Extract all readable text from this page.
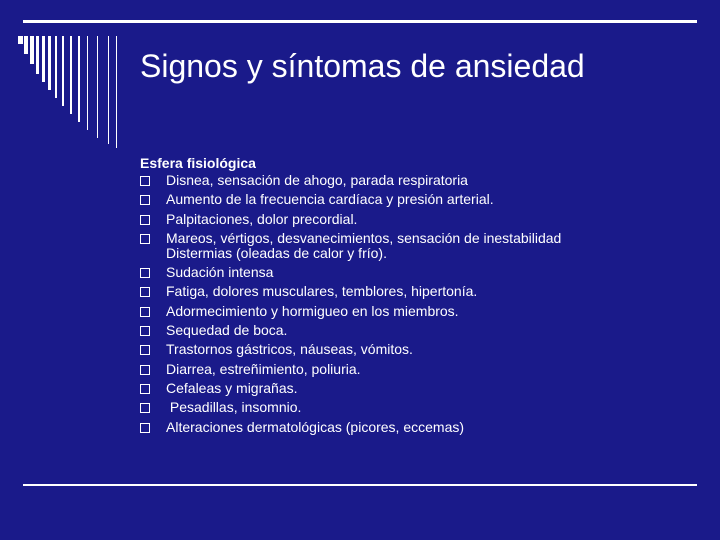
Signos y síntomas de ansiedad
Esfera fisiológica
Disnea, sensación de ahogo, parada respiratoria
Aumento de la frecuencia cardíaca y presión arterial.
Palpitaciones, dolor precordial.
Mareos, vértigos, desvanecimientos, sensación de inestabilidad
Distermias (oleadas de calor y frío).
Sudación intensa
Fatiga, dolores musculares, temblores, hipertonía.
Adormecimiento y hormigueo en los miembros.
Sequedad de boca.
Trastornos gástricos, náuseas, vómitos.
Diarrea, estreñimiento, poliuria.
Cefaleas y migrañas.
Pesadillas, insomnio.
Alteraciones dermatológicas (picores, eccemas)
